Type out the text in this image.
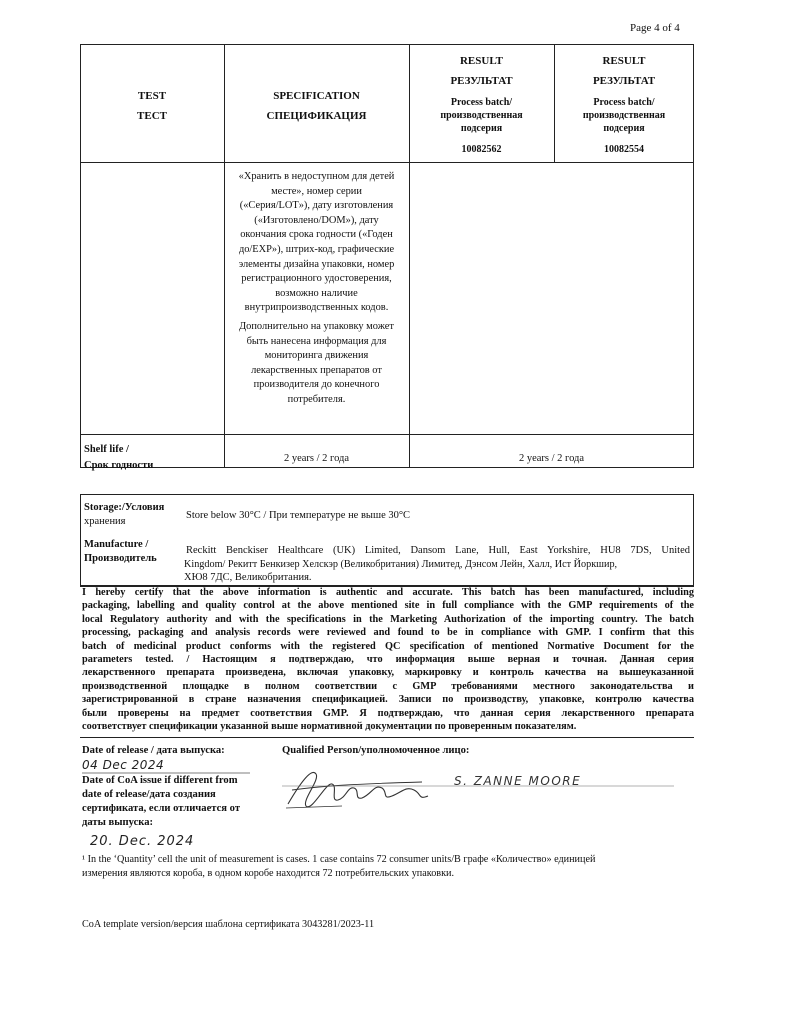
Page 4 of 4
TEST
ТЕСТ
SPECIFICATION
СПЕЦИФИКАЦИЯ
RESULT
РЕЗУЛЬТАТ
Process batch/
производственная
подсерия
10082562
RESULT
РЕЗУЛЬТАТ
Process batch/
производственная
подсерия
10082554
«Хранить в недоступном для детей
месте», номер серии
(«Серия/LOT»), дату изготовления
(«Изготовлено/DOM»), дату
окончания срока годности («Годен
до/EXP»), штрих-код, графические
элементы дизайна упаковки, номер
регистрационного удостоверения,
возможно наличие
внутрипроизводственных кодов.
Дополнительно на упаковку может
быть нанесена информация для
мониторинга движения
лекарственных препаратов от
производителя до конечного
потребителя.
Shelf life /
Срок годности
2 years / 2 года	2 years / 2 года
Storage:/Условия
хранения
Store below 30°C / При температуре не выше 30°C
Manufacture /
Производитель
Reckitt Benckiser Healthcare (UK) Limited, Dansom Lane, Hull, East Yorkshire, HU8 7DS, United
Kingdom/ Рекитт Бенкизер Хелскэр (Великобритания) Лимитед, Дэнсом Лейн, Халл, Ист Йоркшир,
ХЮ8 7ДС, Великобритания.
I hereby certify that the above information is authentic and accurate. This batch has been manufactured, including
packaging, labelling and quality control at the above mentioned site in full compliance with the GMP requirements of the
local Regulatory authority and with the specifications in the Marketing Authorization of the importing country. The batch
processing, packaging and analysis records were reviewed and found to be in compliance with GMP. I confirm that this
batch of medicinal product conforms with the registered QC specification of mentioned Normative Document for the
parameters tested. / Настоящим я подтверждаю, что информация выше верная и точная. Данная серия
лекарственного препарата произведена, включая упаковку, маркировку и контроль качества на вышеуказанной
производственной площадке в полном соответствии с GMP требованиями местного законодательства и
зарегистрированной в стране назначения спецификацией. Записи по производству, упаковке, контролю качества
были проверены на предмет соответствия GMP. Я подтверждаю, что данная серия лекарственного препарата
соответствует спецификации указанной выше нормативной документации по проверенным показателям.
Date of release / дата выпуска:
04 Dec 2024
Date of CoA issue if different from
date of release/дата создания
сертификата, если отличается от
даты выпуска:
20. Dec. 2024
Qualified Person/уполномоченное лицо:
S. ZANNE MOORE
¹ In the ‘Quantity’ cell the unit of measurement is cases. 1 case contains 72 consumer units/В графе «Количество» единицей
измерения являются короба, в одном коробе находится 72 потребительских упаковки.
CoA template version/версия шаблона сертификата 3043281/2023-11
